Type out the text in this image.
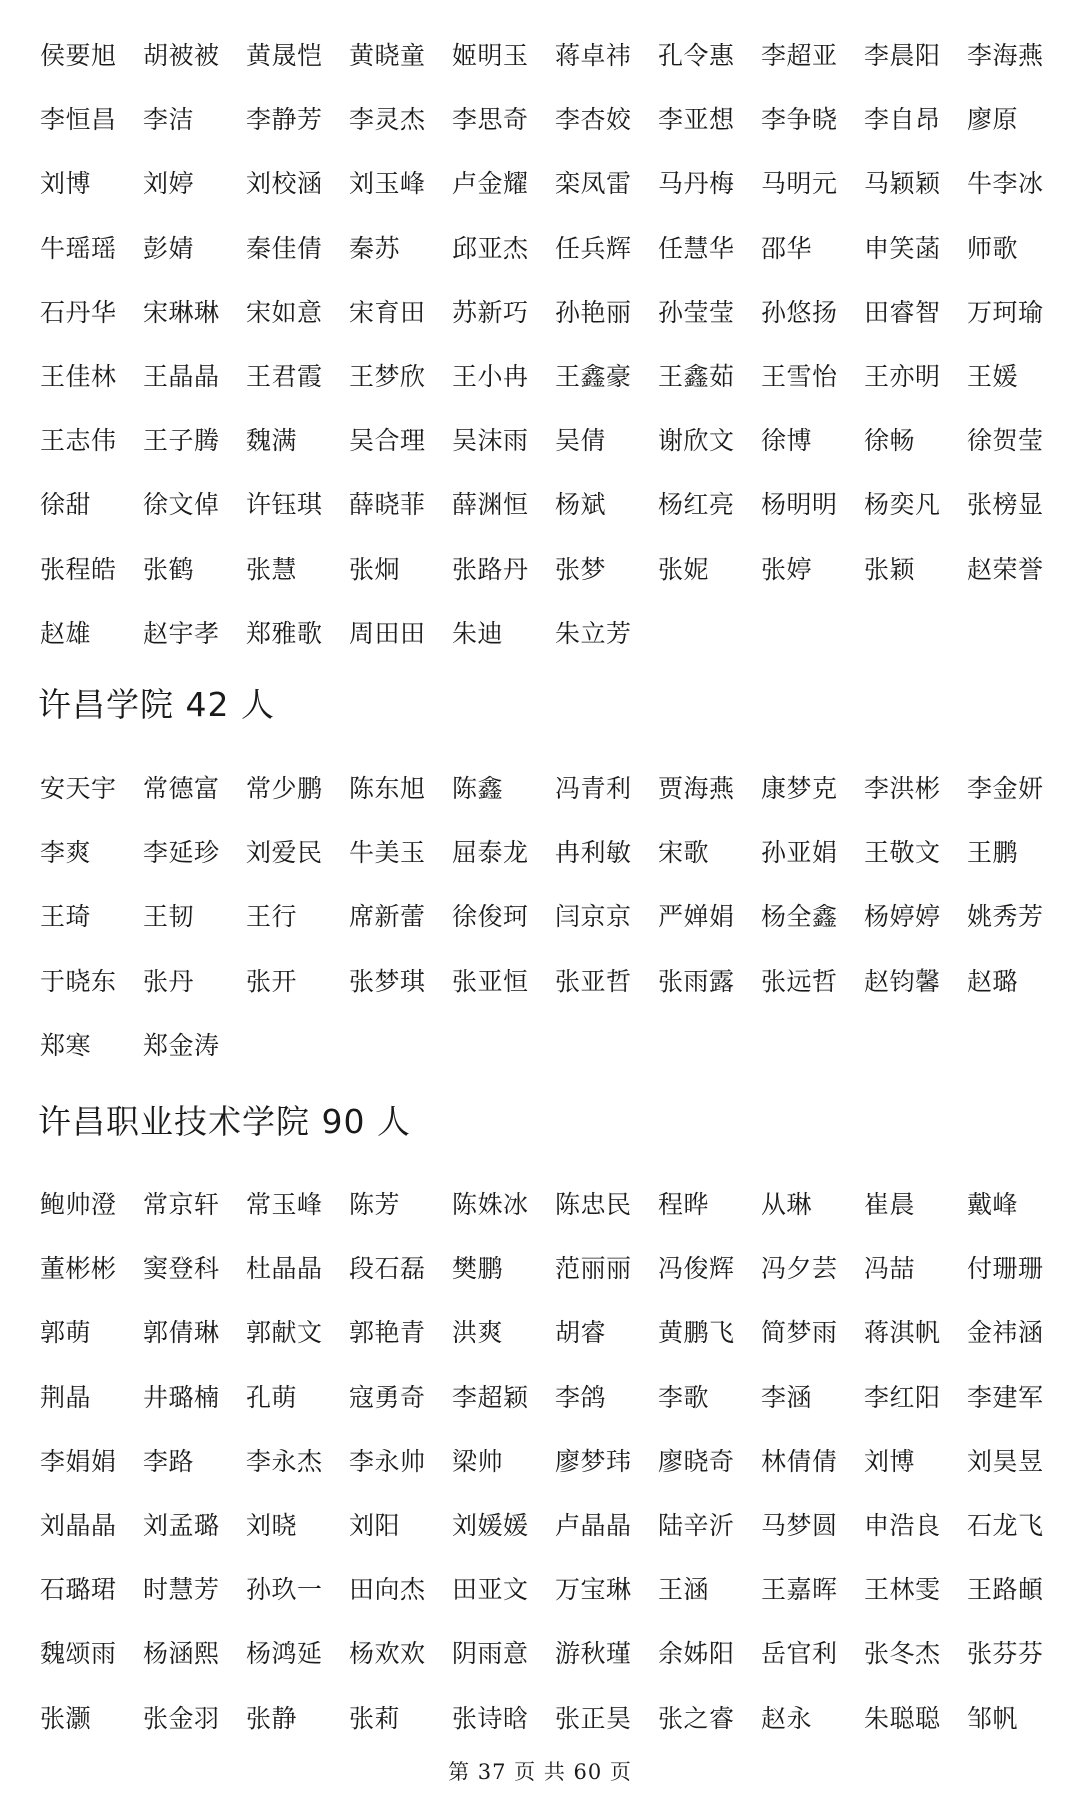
侯要旭	胡被被	黄晟恺	黄晓童	姬明玉	蒋卓祎	孔令惠	李超亚	李晨阳	李海燕
李恒昌	李洁	李静芳	李灵杰	李思奇	李杏姣	李亚想	李争晓	李自昂	廖原
刘博	刘婷	刘校涵	刘玉峰	卢金耀	栾凤雷	马丹梅	马明元	马颖颖	牛李冰
牛瑶瑶	彭婧	秦佳倩	秦苏	邱亚杰	任兵辉	任慧华	邵华	申笑菡	师歌
石丹华	宋琳琳	宋如意	宋育田	苏新巧	孙艳丽	孙莹莹	孙悠扬	田睿智	万珂瑜
王佳林	王晶晶	王君霞	王梦欣	王小冉	王鑫豪	王鑫茹	王雪怡	王亦明	王媛
王志伟	王子腾	魏满	吴合理	吴沫雨	吴倩	谢欣文	徐博	徐畅	徐贺莹
徐甜	徐文倬	许钰琪	薛晓菲	薛渊恒	杨斌	杨红亮	杨明明	杨奕凡	张榜显
张程皓	张鹤	张慧	张炯	张路丹	张梦	张妮	张婷	张颖	赵荣誉
赵雄	赵宇孝	郑雅歌	周田田	朱迪	朱立芳
许昌学院 42 人
安天宇	常德富	常少鹏	陈东旭	陈鑫	冯青利	贾海燕	康梦克	李洪彬	李金妍
李爽	李延珍	刘爱民	牛美玉	屈泰龙	冉利敏	宋歌	孙亚娟	王敬文	王鹏
王琦	王韧	王行	席新蕾	徐俊珂	闫京京	严婵娟	杨全鑫	杨婷婷	姚秀芳
于晓东	张丹	张开	张梦琪	张亚恒	张亚哲	张雨露	张远哲	赵钧馨	赵璐
郑寒	郑金涛
许昌职业技术学院 90 人
鲍帅澄	常京轩	常玉峰	陈芳	陈姝冰	陈忠民	程晔	从琳	崔晨	戴峰
董彬彬	窦登科	杜晶晶	段石磊	樊鹏	范丽丽	冯俊辉	冯夕芸	冯喆	付珊珊
郭萌	郭倩琳	郭献文	郭艳青	洪爽	胡睿	黄鹏飞	简梦雨	蒋淇帆	金祎涵
荆晶	井璐楠	孔萌	寇勇奇	李超颖	李鸽	李歌	李涵	李红阳	李建军
李娟娟	李路	李永杰	李永帅	梁帅	廖梦玮	廖晓奇	林倩倩	刘博	刘昊昱
刘晶晶	刘孟璐	刘晓	刘阳	刘媛媛	卢晶晶	陆辛沂	马梦圆	申浩良	石龙飞
石璐珺	时慧芳	孙玖一	田向杰	田亚文	万宝琳	王涵	王嘉晖	王林雯	王路頔
魏颂雨	杨涵熙	杨鸿延	杨欢欢	阴雨意	游秋瑾	余姊阳	岳官利	张冬杰	张芬芬
张灏	张金羽	张静	张莉	张诗晗	张正昊	张之睿	赵永	朱聪聪	邹帆
第 37 页 共 60 页
